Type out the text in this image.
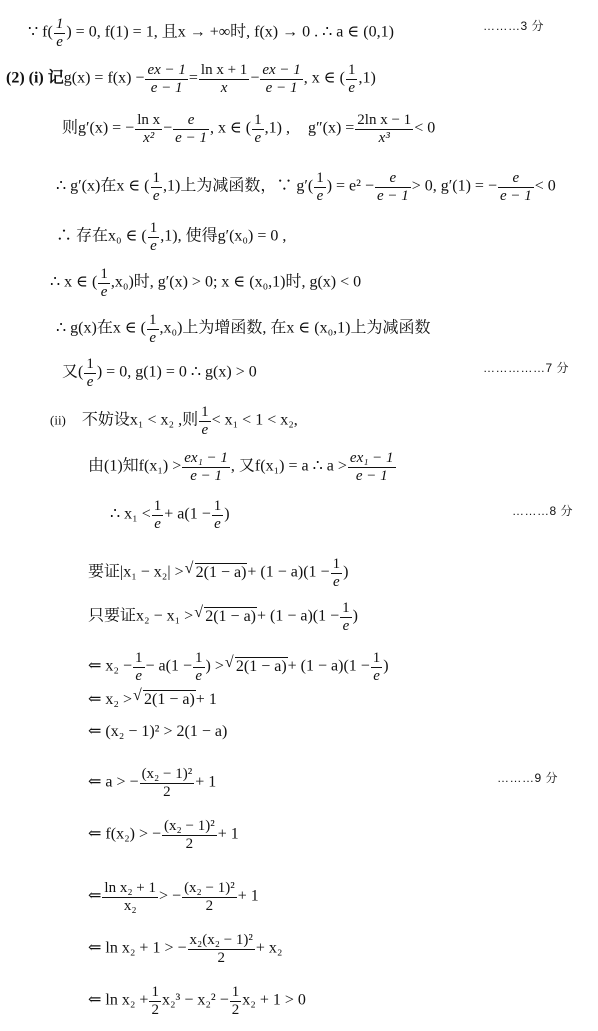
∵ $f( \frac{1}{e}$ ) = 0, f(1) = 1, 且x → +∞时, f(x) → 0 . ∴ a ∈ (0,1)	………3 分
(2) (i) 记$g(x) = f(x) - \frac{ex - 1}{e - 1} = \frac{\text{ln x + 1}}{x} - \frac{ex - 1}{e - 1}$ , x ∈ ( $\frac{1}{e} ,1$)
则g′(x) = − $\frac{\text{ln x}}{\text{x²}} - \frac{e}{e - 1}$ , x ∈ ( $\frac{1}{e} ,1$) , $g''(x) = \frac{\text{2ln x − 1}}{\text{x³}} < 0$
∴ g′(x)在x ∈ ( $\frac{1}{e} ,1$)上为减函数，∵ $g'( \frac{1}{e}$ ) = $e^2 - \frac{e}{e - 1} > 0$, g′(1) = − $\frac{e}{e - 1} < 0$
∴ 存在x₀ ∈ ( $\frac{1}{e} ,1$), 使得g′(x₀) = 0 ,
∴ x ∈ ( $\frac{1}{e} ,x_0$)时, g′(x) > 0; x ∈ (x₀,1)时, g(x) < 0
∴ g(x)在x ∈ ( $\frac{1}{e} ,x_0$)上为增函数, 在x ∈ (x₀,1)上为减函数
又( $\frac{1}{e}$ ) = 0, g(1) = 0 ∴ g(x) > 0	……………7 分
(ii) 不妨设x₁ < x₂ ,则 $\frac{1}{e} < x_1 < 1 < x_2$,
由(1)知$f(x_1) > \frac{\text{ex₁ − 1}}{e - 1}$ , 又f(x₁) = a ∴ $a > \frac{\text{ex₁ − 1}}{e - 1}$
∴ $x_1 < \frac{1}{e} + a(1 - \frac{1}{e}$ )	………8 分
要证|x₁ − x₂| > √ $2(1 - a)+ (1 - a)(1 - \frac{1}{e}$ )
只要证x₂ − x₁ > √ $2(1 - a)+ (1 - a)(1 - \frac{1}{e}$ )
⇐ $x_2 - \frac{1}{e} - a(1 - \frac{1}{e}$ ) > √ $2(1 - a)+ (1 - a)(1 - \frac{1}{e}$ )
⇐ x₂ > √ 2(1 − a)+ 1
⇐ (x₂ − 1)² > 2(1 − a)
⇐ a > − $\frac{\text{(x₂ − 1)²}}{2} + 1$	………9 分
⇐ f(x₂) > − $\frac{\text{(x₂ − 1)²}}{2} + 1$
⇐ $\frac{\text{ln x₂ + 1}}{\text{x₂}}$ > − $\frac{\text{(x₂ − 1)²}}{2} + 1$
⇐ ln x₂ + 1 > − $\frac{\text{x₂(x₂ − 1)²}}{2} + x_2$
⇐ $\ln x_2 + \frac{1}{2} x_2^3 - x_2^2 - \frac{1}{2} x_2 + 1 > 0$
